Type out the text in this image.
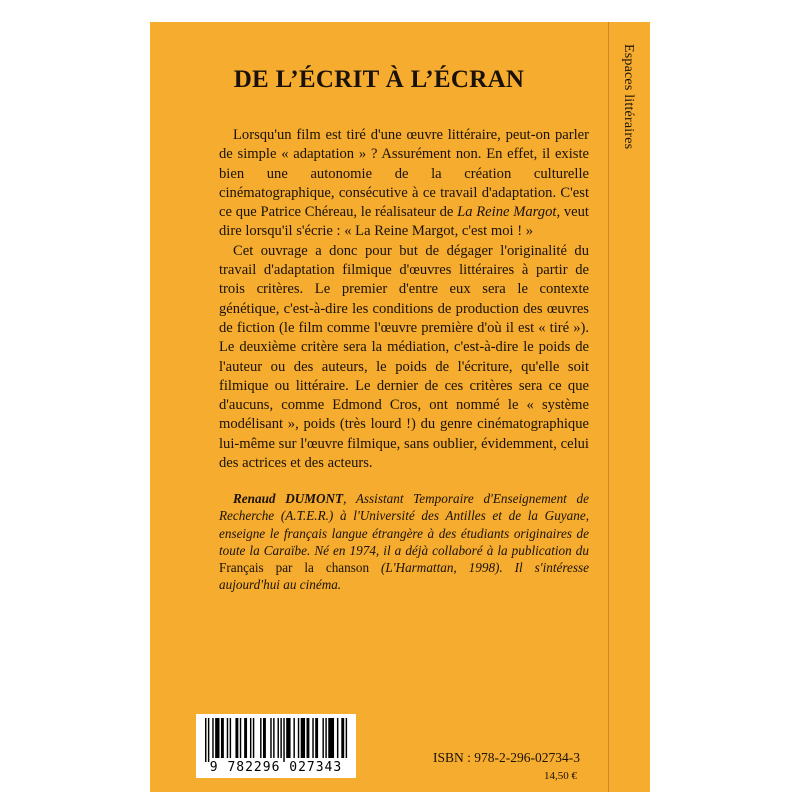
Espaces littéraires
DE L’ÉCRIT À L’ÉCRAN

Lorsqu'un film est tiré d'une œuvre littéraire, peut-on parler de simple « adaptation » ? Assurément non. En effet, il existe bien une autonomie de la création culturelle cinématographique, consécutive à ce travail d'adaptation. C'est ce que Patrice Chéreau, le réalisateur de La Reine Margot, veut dire lorsqu'il s'écrie : « La Reine Margot, c'est moi ! »

Cet ouvrage a donc pour but de dégager l'originalité du travail d'adaptation filmique d'œuvres littéraires à partir de trois critères. Le premier d'entre eux sera le contexte génétique, c'est-à-dire les conditions de production des œuvres de fiction (le film comme l'œuvre première d'où il est « tiré »). Le deuxième critère sera la médiation, c'est-à-dire le poids de l'auteur ou des auteurs, le poids de l'écriture, qu'elle soit filmique ou littéraire. Le dernier de ces critères sera ce que d'aucuns, comme Edmond Cros, ont nommé le « système modélisant », poids (très lourd !) du genre cinématographique lui-même sur l'œuvre filmique, sans oublier, évidemment, celui des actrices et des acteurs.

Renaud DUMONT, Assistant Temporaire d'Enseignement de Recherche (A.T.E.R.) à l'Université des Antilles et de la Guyane, enseigne le français langue étrangère à des étudiants originaires de toute la Caraïbe. Né en 1974, il a déjà collaboré à la publication du Français par la chanson (L'Harmattan, 1998). Il s'intéresse aujourd'hui au cinéma.

9 782296 027343
ISBN : 978-2-296-02734-3
14,50 €
